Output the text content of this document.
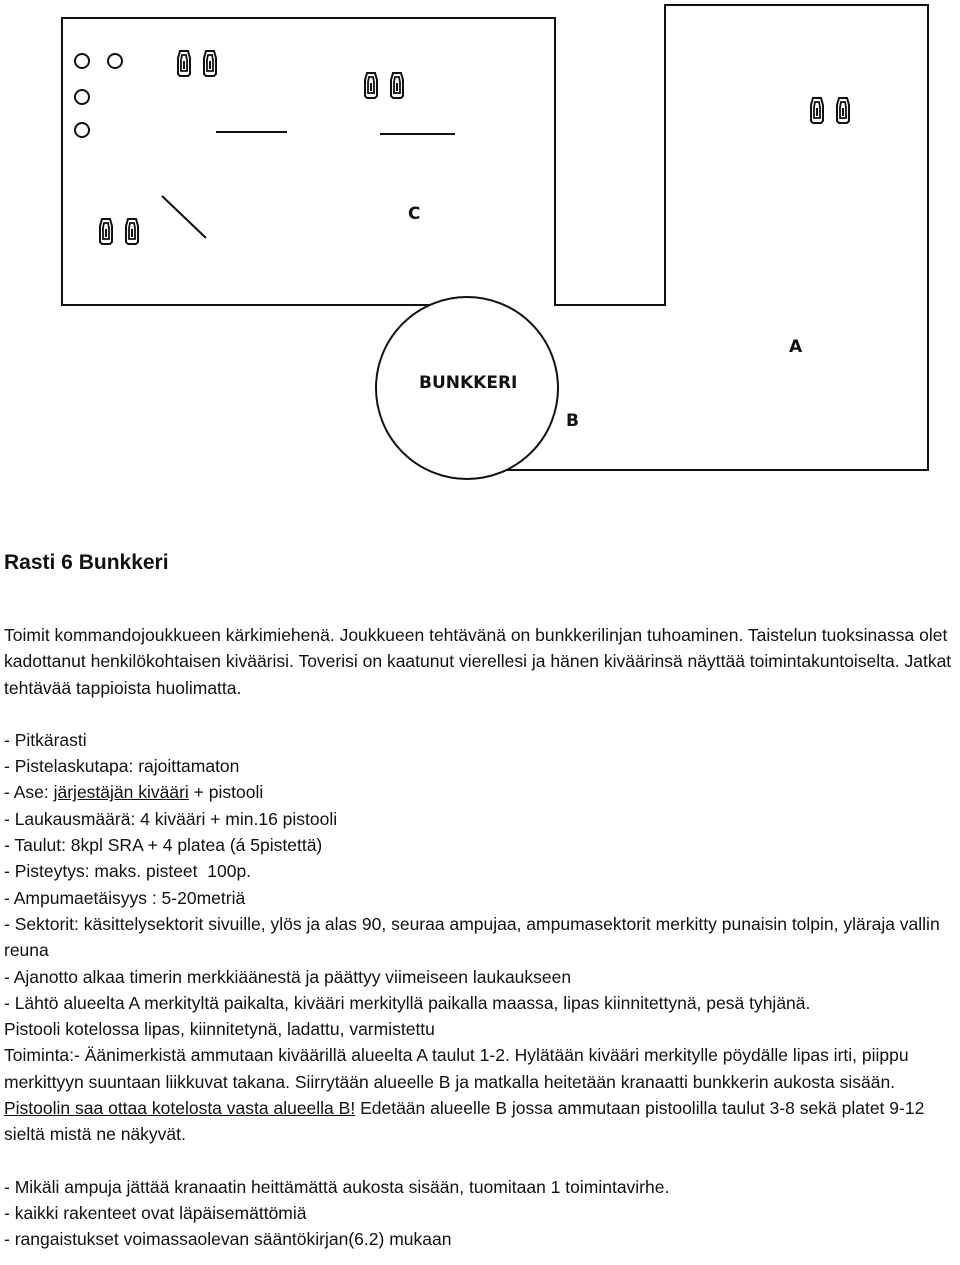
BUNKKERI
C
A
B
Rasti 6 Bunkkeri

Toimit kommandojoukkueen kärkimiehenä. Joukkueen tehtävänä on bunkkerilinjan tuhoaminen. Taistelun tuoksinassa olet kadottanut henkilökohtaisen kiväärisi. Toverisi on kaatunut vierellesi ja hänen kiväärinsä näyttää toimintakuntoiselta. Jatkat tehtävää tappioista huolimatta.

- Pitkärasti
- Pistelaskutapa: rajoittamaton
- Ase: järjestäjän kivääri + pistooli
- Laukausmäärä: 4 kivääri + min.16 pistooli
- Taulut: 8kpl SRA + 4 platea (á 5pistettä)
- Pisteytys: maks. pisteet  100p.
- Ampumaetäisyys : 5-20metriä
- Sektorit: käsittelysektorit sivuille, ylös ja alas 90, seuraa ampujaa, ampumasektorit merkitty punaisin tolpin, yläraja vallin reuna
- Ajanotto alkaa timerin merkkiäänestä ja päättyy viimeiseen laukaukseen
- Lähtö alueelta A merkityltä paikalta, kivääri merkityllä paikalla maassa, lipas kiinnitettynä, pesä tyhjänä.
Pistooli kotelossa lipas, kiinnitetynä, ladattu, varmistettu

Toiminta:- Äänimerkistä ammutaan kiväärillä alueelta A taulut 1-2. Hylätään kivääri merkitylle pöydälle lipas irti, piippu merkittyyn suuntaan liikkuvat takana. Siirrytään alueelle B ja matkalla heitetään kranaatti bunkkerin aukosta sisään. Pistoolin saa ottaa kotelosta vasta alueella B! Edetään alueelle B jossa ammutaan pistoolilla taulut 3-8 sekä platet 9-12 sieltä mistä ne näkyvät.

- Mikäli ampuja jättää kranaatin heittämättä aukosta sisään, tuomitaan 1 toimintavirhe.
- kaikki rakenteet ovat läpäisemättömiä
- rangaistukset voimassaolevan sääntökirjan(6.2) mukaan
